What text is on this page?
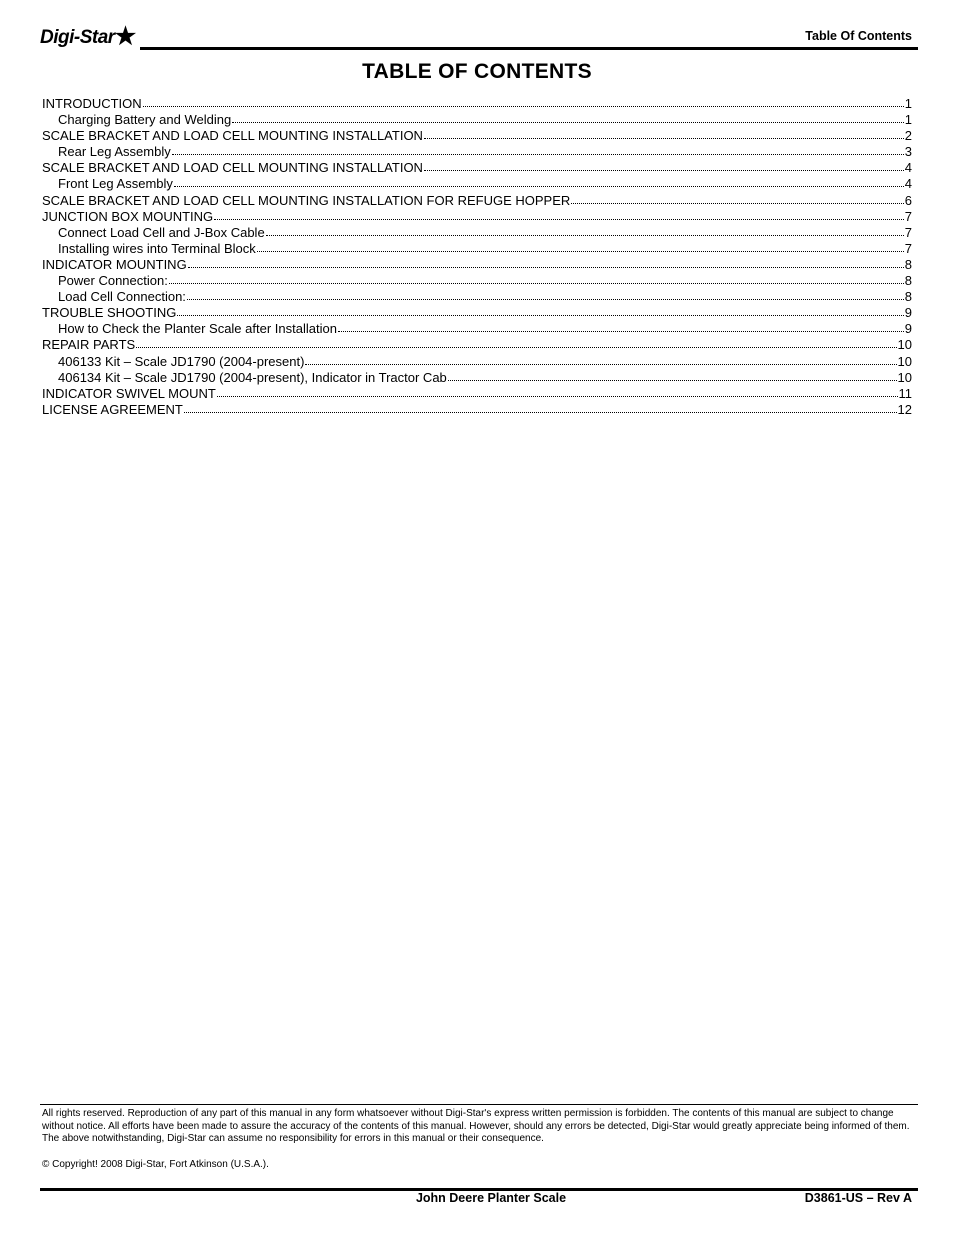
Digi-Star ★	Table Of Contents
TABLE OF CONTENTS
INTRODUCTION	1
Charging Battery and Welding	1
SCALE BRACKET AND LOAD CELL MOUNTING INSTALLATION	2
Rear Leg Assembly	3
SCALE BRACKET AND LOAD CELL MOUNTING INSTALLATION	4
Front Leg Assembly	4
SCALE BRACKET AND LOAD CELL MOUNTING INSTALLATION FOR REFUGE HOPPER	6
JUNCTION BOX MOUNTING	7
Connect Load Cell and J-Box Cable	7
Installing wires into Terminal Block	7
INDICATOR MOUNTING	8
Power Connection:	8
Load Cell Connection:	8
TROUBLE SHOOTING	9
How to Check the Planter Scale after Installation	9
REPAIR PARTS	10
406133 Kit – Scale JD1790 (2004-present)	10
406134 Kit – Scale JD1790 (2004-present), Indicator in Tractor Cab	10
INDICATOR SWIVEL MOUNT	11
LICENSE AGREEMENT	12
All rights reserved. Reproduction of any part of this manual in any form whatsoever without Digi-Star's express written permission is forbidden. The contents of this manual are subject to change without notice. All efforts have been made to assure the accuracy of the contents of this manual. However, should any errors be detected, Digi-Star would greatly appreciate being informed of them. The above notwithstanding, Digi-Star can assume no responsibility for errors in this manual or their consequence.
© Copyright! 2008 Digi-Star, Fort Atkinson (U.S.A.).
John Deere Planter Scale	D3861-US – Rev A
